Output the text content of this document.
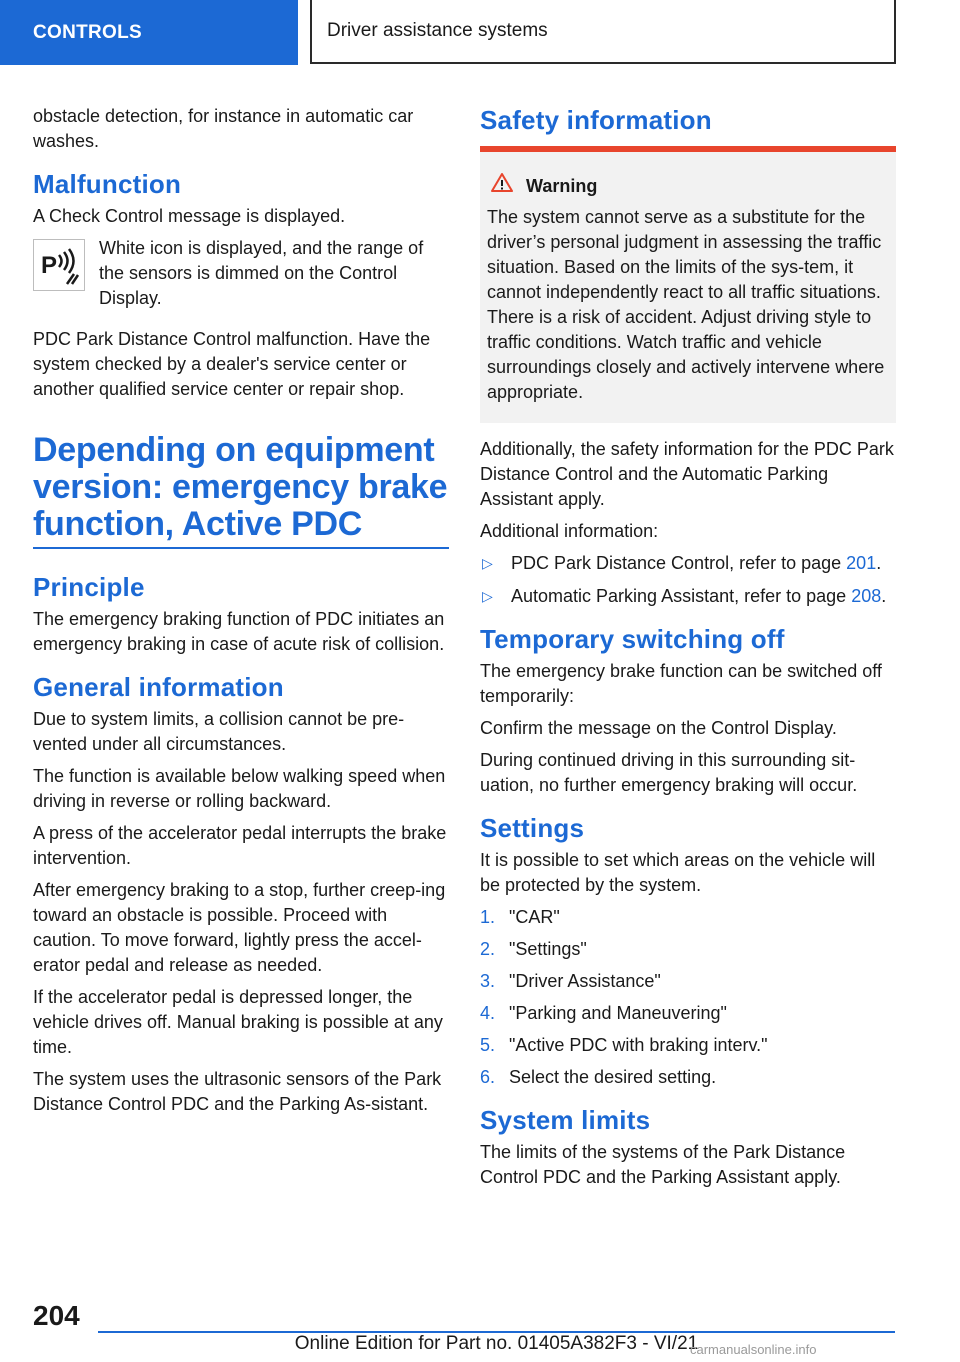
CONTROLS	Driver assistance systems

obstacle detection, for instance in automatic car washes.

Malfunction

A Check Control message is displayed.

P
White icon is displayed, and the range of the sensors is dimmed on the Control Display.

PDC Park Distance Control malfunction. Have the system checked by a dealer's service center or another qualified service center or repair shop.

Depending on equipment version: emergency brake function, Active PDC
Principle

The emergency braking function of PDC initiates an emergency braking in case of acute risk of collision.

General information

Due to system limits, a collision cannot be pre‐vented under all circumstances.

The function is available below walking speed when driving in reverse or rolling backward.

A press of the accelerator pedal interrupts the brake intervention.

After emergency braking to a stop, further creep‐ing toward an obstacle is possible. Proceed with caution. To move forward, lightly press the accel‐erator pedal and release as needed.

If the accelerator pedal is depressed longer, the vehicle drives off. Manual braking is possible at any time.

The system uses the ultrasonic sensors of the Park Distance Control PDC and the Parking As‐sistant.

Safety information
Warning
The system cannot serve as a substitute for the driver’s personal judgment in assessing the traffic situation. Based on the limits of the sys‐tem, it cannot independently react to all traffic situations. There is a risk of accident. Adjust driving style to traffic conditions. Watch traffic and vehicle surroundings closely and actively intervene where appropriate.

Additionally, the safety information for the PDC Park Distance Control and the Automatic Parking Assistant apply.

Additional information:

▷	PDC Park Distance Control, refer to page 201.
▷	Automatic Parking Assistant, refer to page 208.
Temporary switching off

The emergency brake function can be switched off temporarily:

Confirm the message on the Control Display.

During continued driving in this surrounding sit‐uation, no further emergency braking will occur.

Settings

It is possible to set which areas on the vehicle will be protected by the system.

1. "CAR"
2. "Settings"
3. "Driver Assistance"
4. "Parking and Maneuvering"
5. "Active PDC with braking interv."
6. Select the desired setting.
System limits

The limits of the systems of the Park Distance Control PDC and the Parking Assistant apply.

204
Online Edition for Part no. 01405A382F3 - VI/21
carmanualsonline.info
